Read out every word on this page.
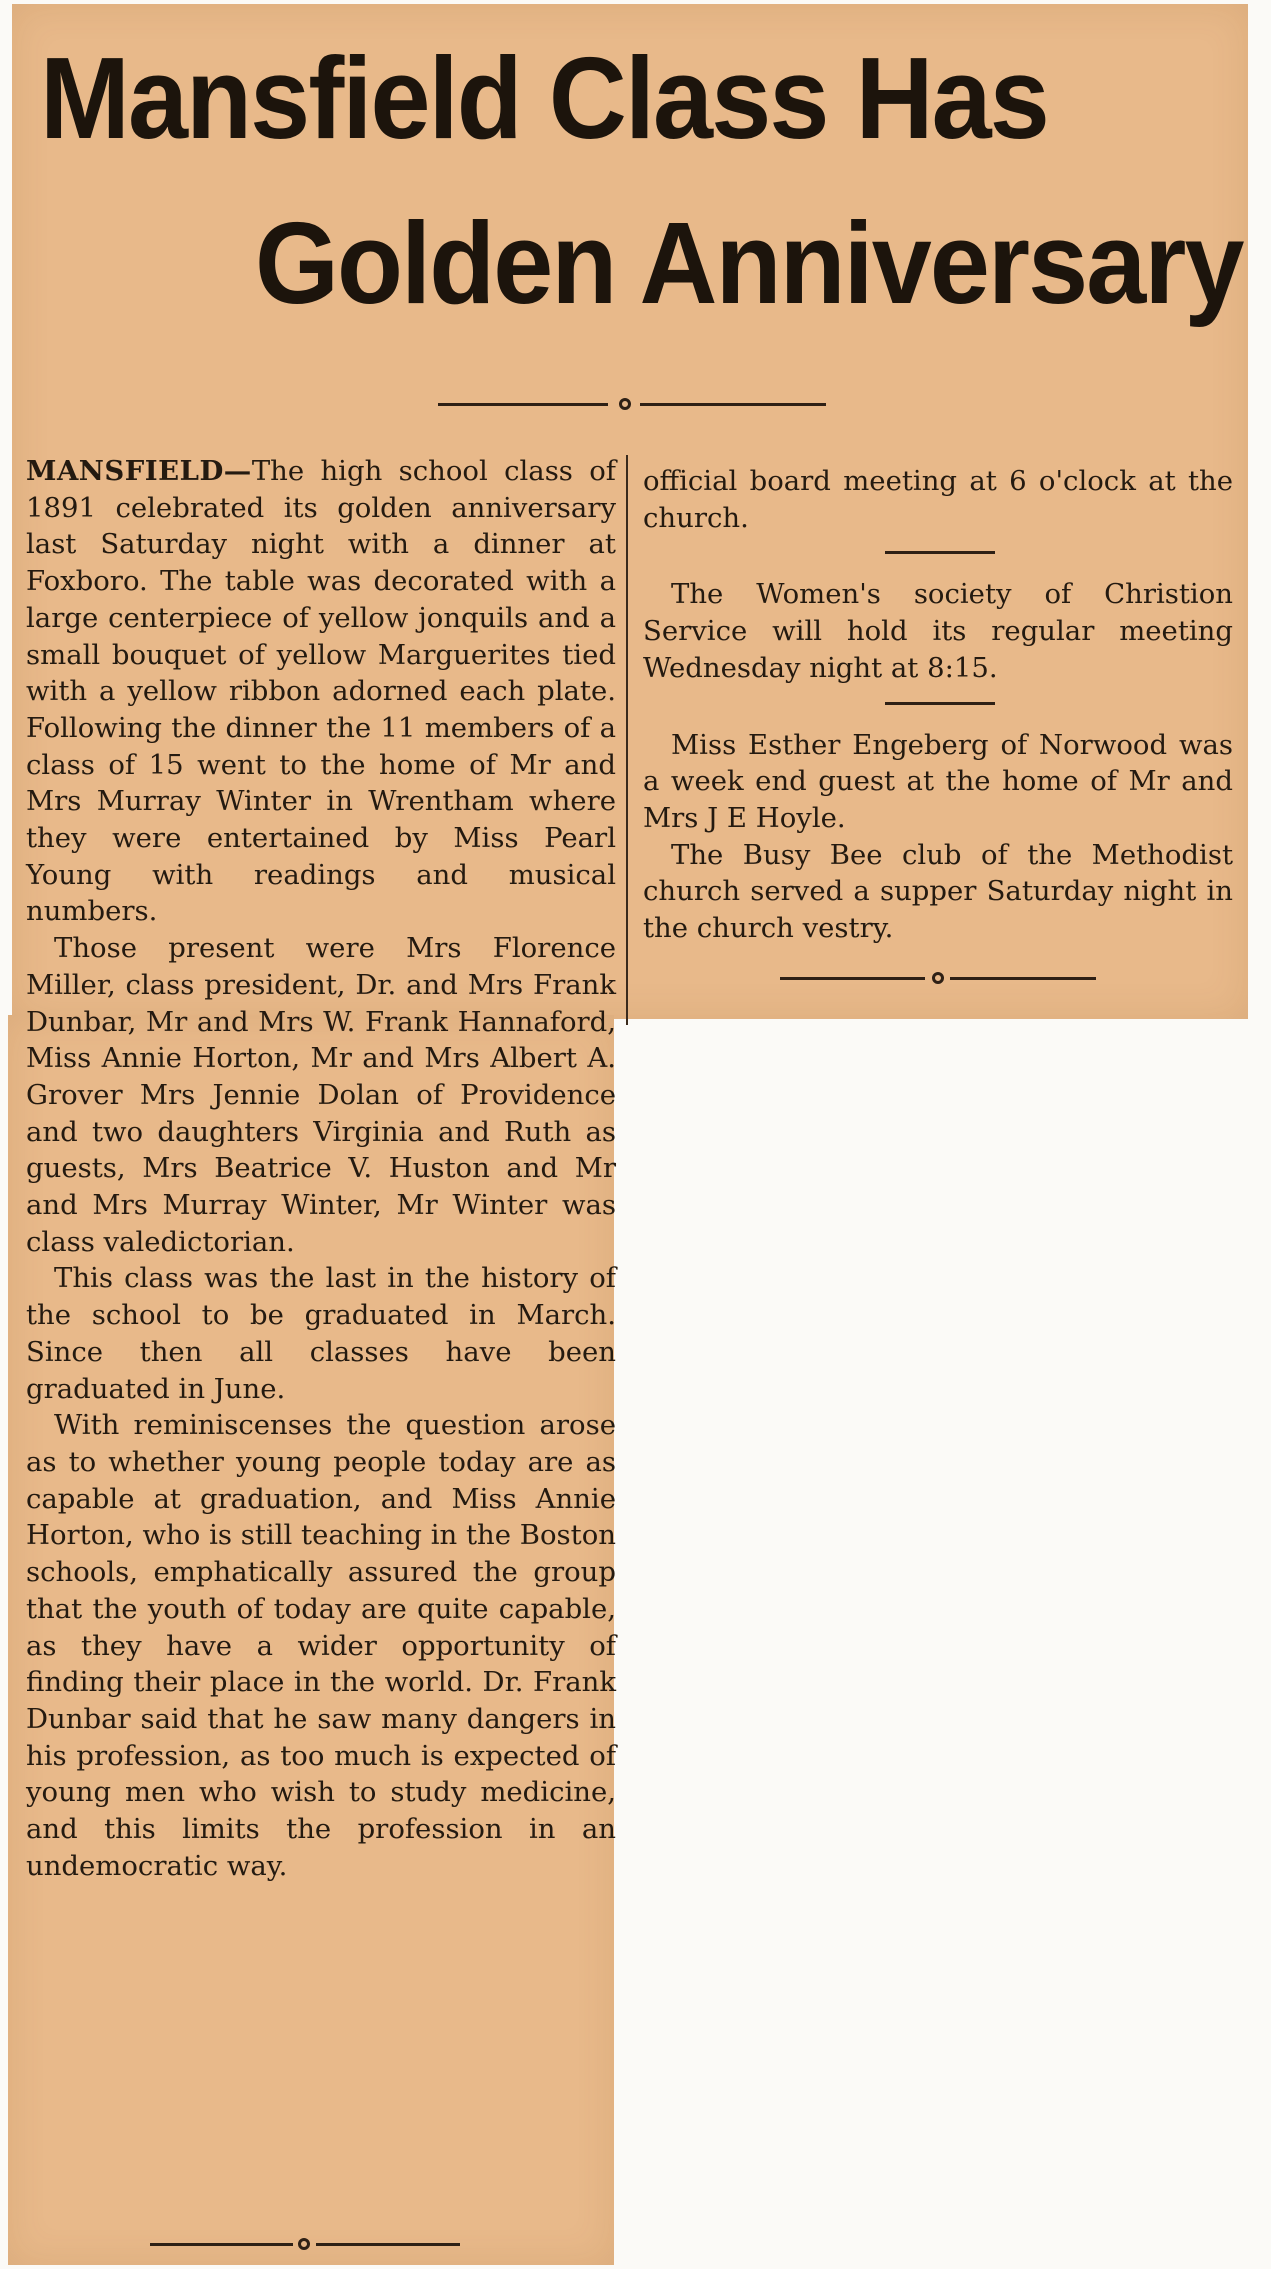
Mansfield Class Has
Golden Anniversary

MANSFIELD—The high school class of 1891 celebrated its golden anniversary last Saturday night with a dinner at Foxboro. The table was decorated with a large centerpiece of yellow jonquils and a small bouquet of yellow Marguerites tied with a yellow ribbon adorned each plate. Following the dinner the 11 members of a class of 15 went to the home of Mr and Mrs Murray Winter in Wrentham where they were entertained by Miss Pearl Young with readings and musical numbers.

Those present were Mrs Florence Miller, class president, Dr. and Mrs Frank Dunbar, Mr and Mrs W. Frank Hannaford, Miss Annie Horton, Mr and Mrs Albert A. Grover Mrs Jennie Dolan of Providence and two daughters Virginia and Ruth as guests, Mrs Beatrice V. Huston and Mr and Mrs Murray Winter, Mr Winter was class valedictorian.

This class was the last in the history of the school to be graduated in March. Since then all classes have been graduated in June.

With reminiscenses the question arose as to whether young people today are as capable at graduation, and Miss Annie Horton, who is still teaching in the Boston schools, emphatically assured the group that the youth of today are quite capable, as they have a wider opportunity of finding their place in the world. Dr. Frank Dunbar said that he saw many dangers in his profession, as too much is expected of young men who wish to study medicine, and this limits the profession in an undemocratic way.

official board meeting at 6 o'clock at the church.

The Women's society of Christion Service will hold its regular meeting Wednesday night at 8:15.

Miss Esther Engeberg of Norwood was a week end guest at the home of Mr and Mrs J E Hoyle.

The Busy Bee club of the Methodist church served a supper Saturday night in the church vestry.
